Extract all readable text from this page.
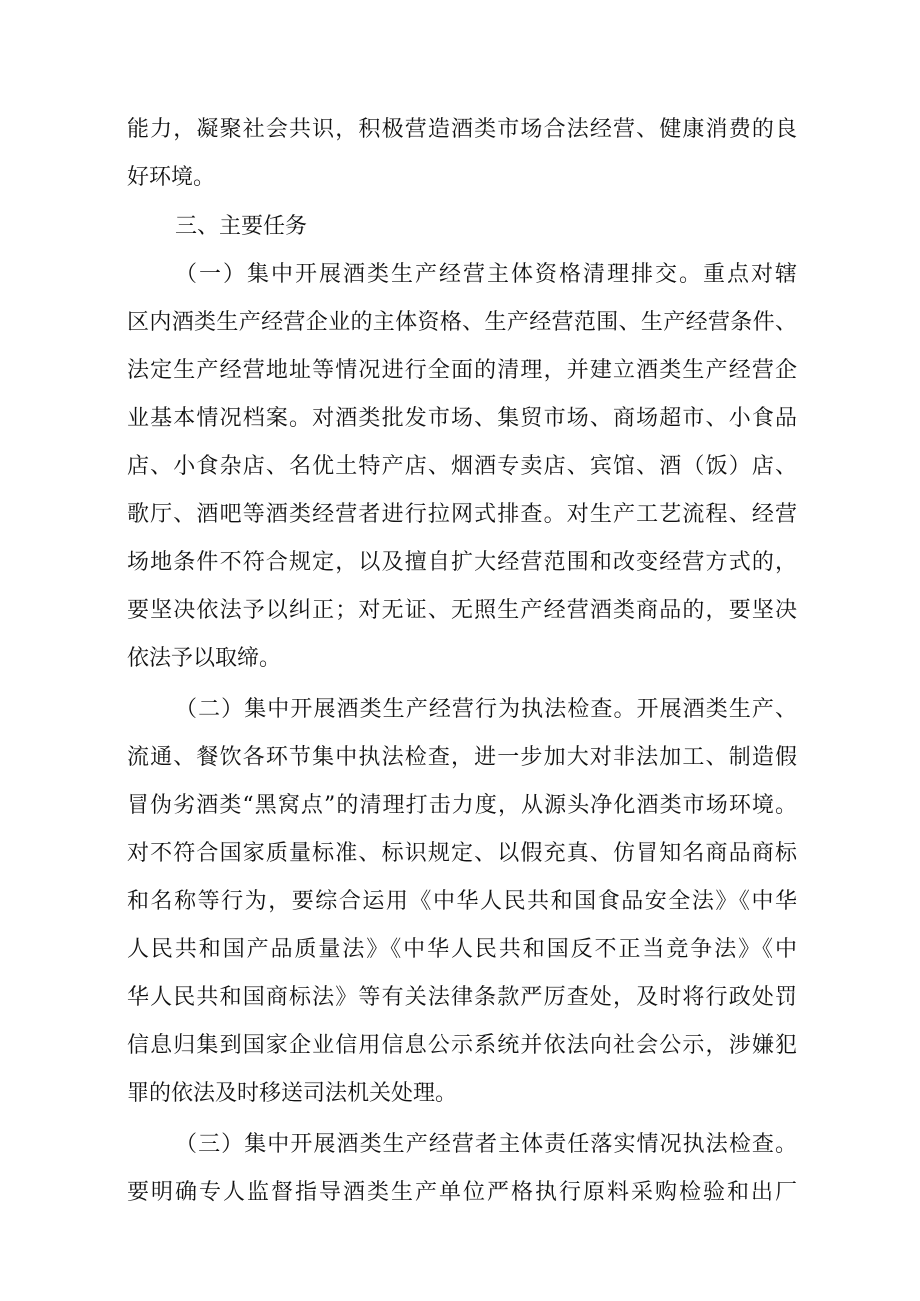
能力，凝聚社会共识，积极营造酒类市场合法经营、健康消费的良
好环境。
三、主要任务
（一）集中开展酒类生产经营主体资格清理排交。重点对辖
区内酒类生产经营企业的主体资格、生产经营范围、生产经营条件、
法定生产经营地址等情况进行全面的清理，并建立酒类生产经营企
业基本情况档案。对酒类批发市场、集贸市场、商场超市、小食品
店、小食杂店、名优土特产店、烟酒专卖店、宾馆、酒（饭）店、
歌厅、酒吧等酒类经营者进行拉网式排查。对生产工艺流程、经营
场地条件不符合规定，以及擅自扩大经营范围和改变经营方式的，
要坚决依法予以纠正；对无证、无照生产经营酒类商品的，要坚决
依法予以取缔。
（二）集中开展酒类生产经营行为执法检查。开展酒类生产、
流通、餐饮各环节集中执法检查，进一步加大对非法加工、制造假
冒伪劣酒类“黑窝点”的清理打击力度，从源头净化酒类市场环境。
对不符合国家质量标准、标识规定、以假充真、仿冒知名商品商标
和名称等行为，要综合运用《中华人民共和国食品安全法》《中华
人民共和国产品质量法》《中华人民共和国反不正当竞争法》《中
华人民共和国商标法》等有关法律条款严厉查处，及时将行政处罚
信息归集到国家企业信用信息公示系统并依法向社会公示，涉嫌犯
罪的依法及时移送司法机关处理。
（三）集中开展酒类生产经营者主体责任落实情况执法检查。
要明确专人监督指导酒类生产单位严格执行原料采购检验和出厂
